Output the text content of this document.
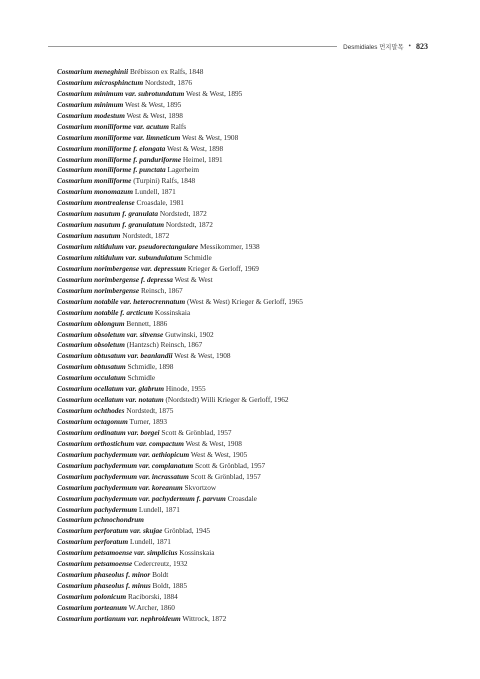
Desmidiales 먼지말목 • 823
Cosmarium meneghinii Brébisson ex Ralfs, 1848
Cosmarium microsphinctum Nordstedt, 1876
Cosmarium minimum var. subrotundatum West & West, 1895
Cosmarium minimum West & West, 1895
Cosmarium modestum West & West, 1898
Cosmarium moniliforme var. acutum Ralfs
Cosmarium moniliforme var. limneticum West & West, 1908
Cosmarium moniliforme f. elongata West & West, 1898
Cosmarium moniliforme f. panduriforme Heimel, 1891
Cosmarium moniliforme f. punctata Lagerheim
Cosmarium moniliforme (Turpini) Ralfs, 1848
Cosmarium monomazum Lundell, 1871
Cosmarium montrealense Croasdale, 1981
Cosmarium nasutum f. granulata Nordstedt, 1872
Cosmarium nasutum f. granulatum Nordstedt, 1872
Cosmarium nasutum Nordstedt, 1872
Cosmarium nitidulum var. pseudorectangulare Messikommer, 1938
Cosmarium nitidulum var. subundulatum Schmidle
Cosmarium norimbergense var. depressum Krieger & Gerloff, 1969
Cosmarium norimbergense f. depressa West & West
Cosmarium norimbergense Reinsch, 1867
Cosmarium notabile var. heterocrennatum (West & West) Krieger & Gerloff, 1965
Cosmarium notabile f. arcticum Kossinskaia
Cosmarium oblongum Bennett, 1886
Cosmarium obsoletum var. sitvense Gutwinski, 1902
Cosmarium obsoletum (Hantzsch) Reinsch, 1867
Cosmarium obtusatum var. beanlandii West & West, 1908
Cosmarium obtusatum Schmidle, 1898
Cosmarium occulatum Schmidle
Cosmarium ocellatum var. glabrum Hinode, 1955
Cosmarium ocellatum var. notatum (Nordstedt) Willi Krieger & Gerloff, 1962
Cosmarium ochthodes Nordstedt, 1875
Cosmarium octagonum Turner, 1893
Cosmarium ordinatum var. borgei Scott & Grönblad, 1957
Cosmarium orthostichum var. compactum West & West, 1908
Cosmarium pachydermum var. aethiopicum West & West, 1905
Cosmarium pachydermum var. complanatum Scott & Grönblad, 1957
Cosmarium pachydermum var. incrassatum Scott & Grönblad, 1957
Cosmarium pachydermum var. koreanum Skvortzow
Cosmarium pachydermum var. pachydermum f. parvum Croasdale
Cosmarium pachydermum Lundell, 1871
Cosmarium pchnochondrum
Cosmarium perforatum var. skujae Grönblad, 1945
Cosmarium perforatum Lundell, 1871
Cosmarium petsamoense var. simplicius Kossinskaia
Cosmarium petsamoense Cedercreutz, 1932
Cosmarium phaseolus f. minor Boldt
Cosmarium phaseolus f. minus Boldt, 1885
Cosmarium polonicum Raciborski, 1884
Cosmarium porteanum W.Archer, 1860
Cosmarium portianum var. nephroideum Wittrock, 1872
